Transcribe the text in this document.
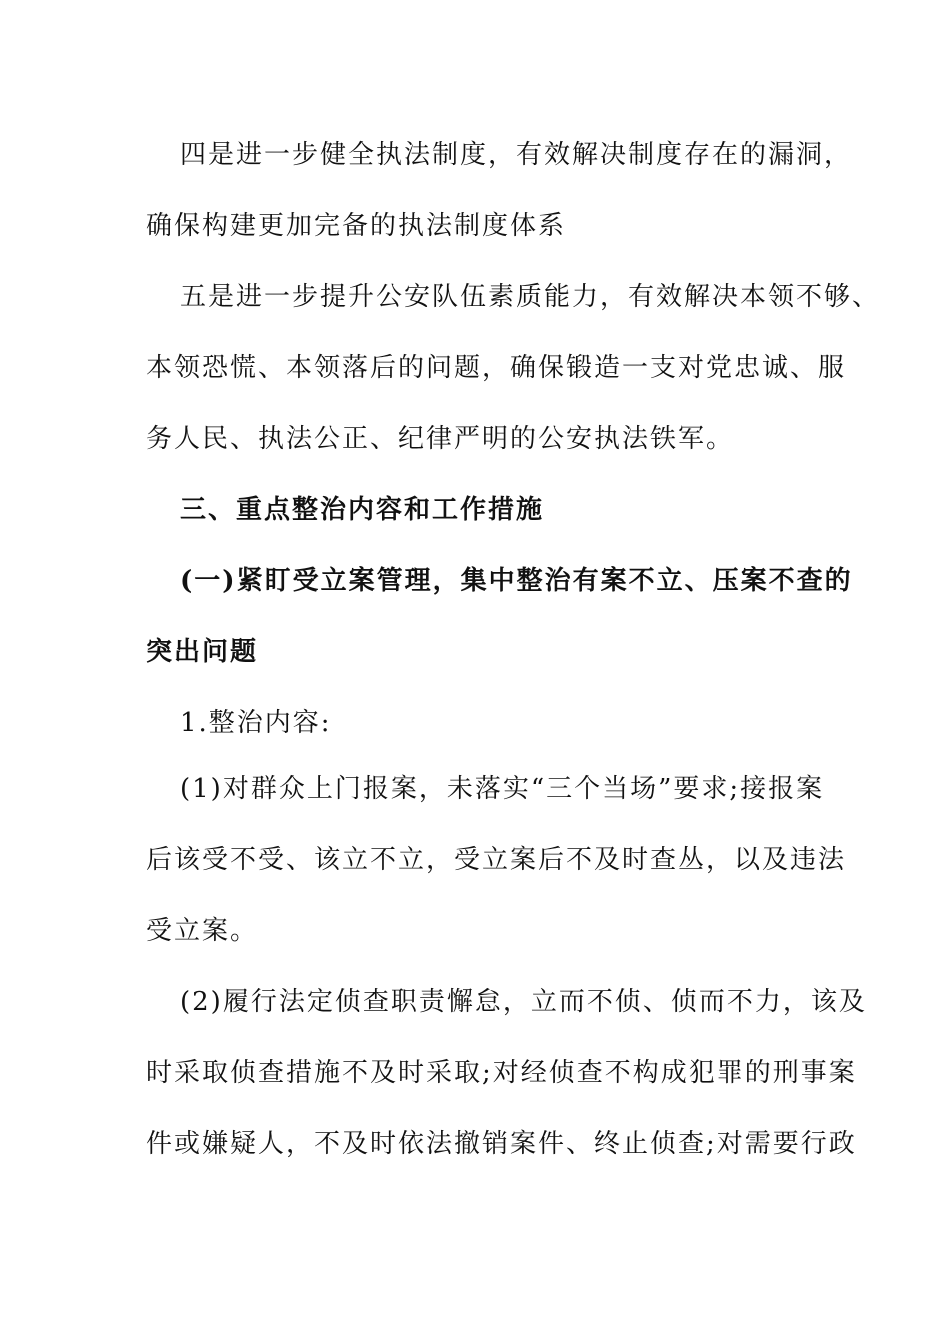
四是进一步健全执法制度，有效解决制度存在的漏洞，
确保构建更加完备的执法制度体系
五是进一步提升公安队伍素质能力，有效解决本领不够、
本领恐慌、本领落后的问题，确保锻造一支对党忠诚、服
务人民、执法公正、纪律严明的公安执法铁军。
三、重点整治内容和工作措施
(一)紧盯受立案管理，集中整治有案不立、压案不查的
突出问题
1.整治内容:
(1)对群众上门报案，未落实“三个当场”要求;接报案
后该受不受、该立不立，受立案后不及时查丛，以及违法
受立案。
(2)履行法定侦查职责懈怠，立而不侦、侦而不力，该及
时采取侦查措施不及时采取;对经侦查不构成犯罪的刑事案
件或嫌疑人，不及时依法撤销案件、终止侦查;对需要行政
